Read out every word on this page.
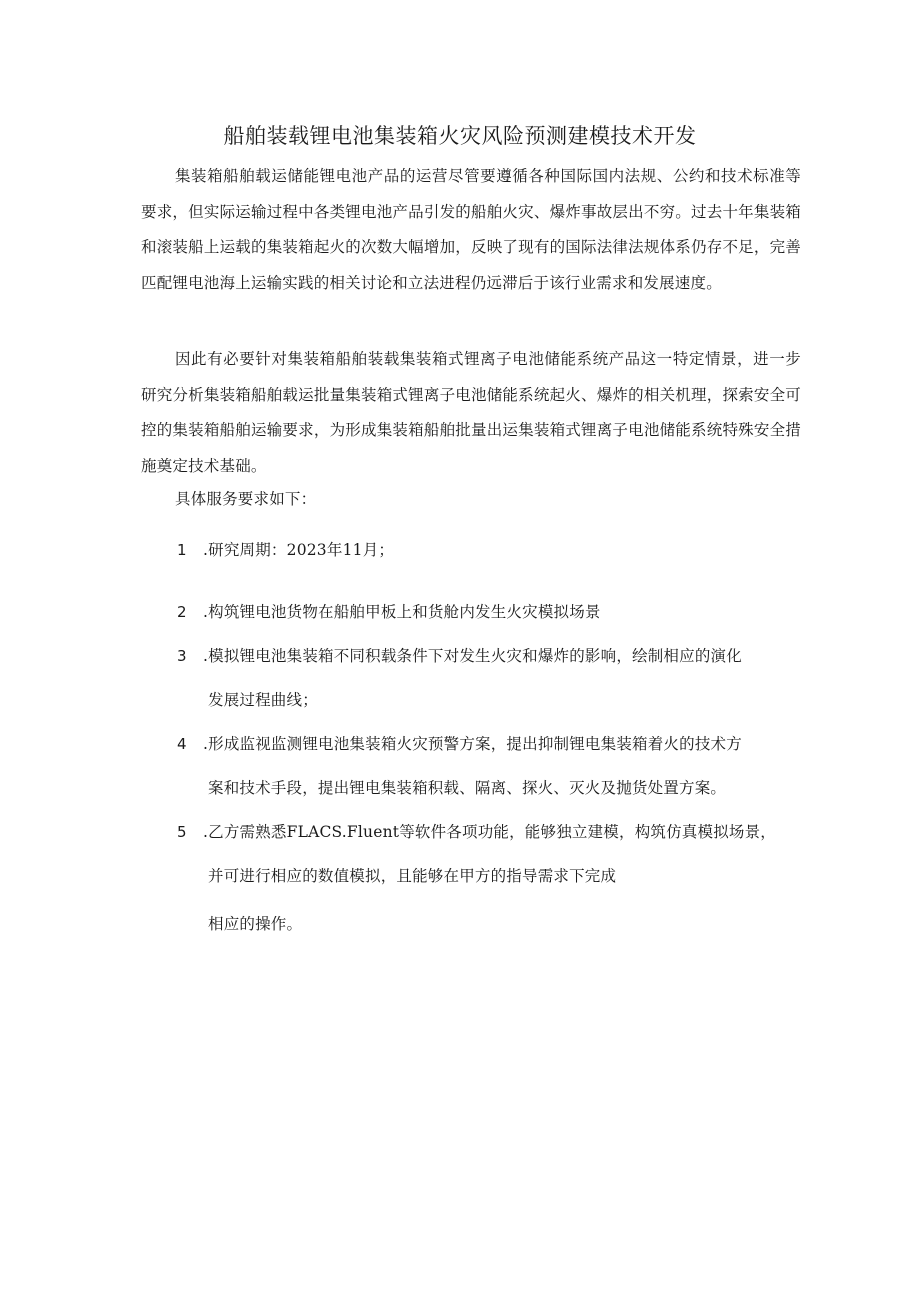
船舶装载锂电池集装箱火灾风险预测建模技术开发
集装箱船舶载运储能锂电池产品的运营尽管要遵循各种国际国内法规、公约和技术标准等要求，但实际运输过程中各类锂电池产品引发的船舶火灾、爆炸事故层出不穷。过去十年集装箱和滚装船上运载的集装箱起火的次数大幅增加，反映了现有的国际法律法规体系仍存不足，完善匹配锂电池海上运输实践的相关讨论和立法进程仍远滞后于该行业需求和发展速度。
因此有必要针对集装箱船舶装载集装箱式锂离子电池储能系统产品这一特定情景，进一步研究分析集装箱船舶载运批量集装箱式锂离子电池储能系统起火、爆炸的相关机理，探索安全可控的集装箱船舶运输要求，为形成集装箱船舶批量出运集装箱式锂离子电池储能系统特殊安全措施奠定技术基础。
具体服务要求如下：
1 .研究周期：2023年11月；
2 .构筑锂电池货物在船舶甲板上和货舱内发生火灾模拟场景
3 .模拟锂电池集装箱不同积载条件下对发生火灾和爆炸的影响，绘制相应的演化
发展过程曲线；
4 .形成监视监测锂电池集装箱火灾预警方案，提出抑制锂电集装箱着火的技术方
案和技术手段，提出锂电集装箱积载、隔离、探火、灭火及抛货处置方案。
5 .乙方需熟悉FLACS.Fluent等软件各项功能，能够独立建模，构筑仿真模拟场景，
并可进行相应的数值模拟，且能够在甲方的指导需求下完成
相应的操作。
